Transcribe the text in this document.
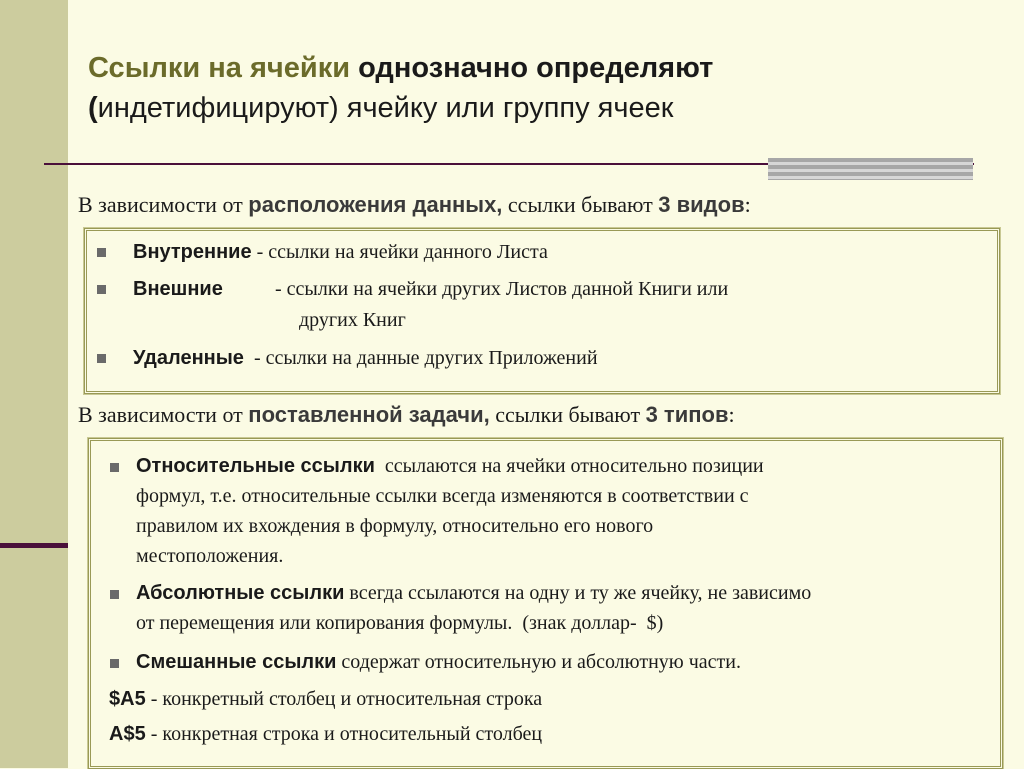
Ссылки на ячейки однозначно определяют
(индетифицируют) ячейку или группу ячеек
В зависимости от расположения данных, ссылки бывают 3 видов:
Внутренние - ссылки на ячейки данного Листа
Внешние	- ссылки на ячейки других Листов данной Книги или
других Книг
Удаленные  - ссылки на данные других Приложений
В зависимости от поставленной задачи, ссылки бывают 3 типов:
Относительные ссылки  ссылаются на ячейки относительно позиции
формул, т.е. относительные ссылки всегда изменяются в соответствии с
правилом их вхождения в формулу, относительно его нового
местоположения.
Абсолютные ссылки всегда ссылаются на одну и ту же ячейку, не зависимо
от перемещения или копирования формулы.  (знак доллар-  $)
Смешанные ссылки содержат относительную и абсолютную части.
$A5 - конкретный столбец и относительная строка
A$5 - конкретная строка и относительный столбец
